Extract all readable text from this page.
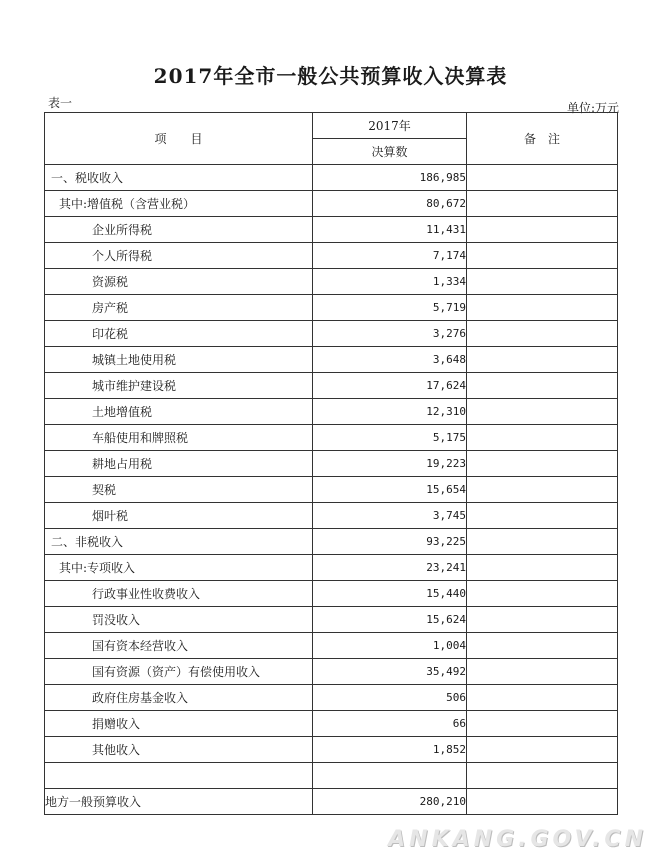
2017年全市一般公共预算收入决算表
表一	单位:万元
项　　目	2017年	备　注
	决算数	
一、税收收入	186,985	
其中:增值税（含营业税）	80,672	
企业所得税	11,431	
个人所得税	7,174	
资源税	1,334	
房产税	5,719	
印花税	3,276	
城镇土地使用税	3,648	
城市维护建设税	17,624	
土地增值税	12,310	
车船使用和牌照税	5,175	
耕地占用税	19,223	
契税	15,654	
烟叶税	3,745	
二、非税收入	93,225	
其中:专项收入	23,241	
行政事业性收费收入	15,440	
罚没收入	15,624	
国有资本经营收入	1,004	
国有资源（资产）有偿使用收入	35,492	
政府住房基金收入	506	
捐赠收入	66	
其他收入	1,852	

地方一般预算收入	280,210	
ANKANG.GOV.CN
